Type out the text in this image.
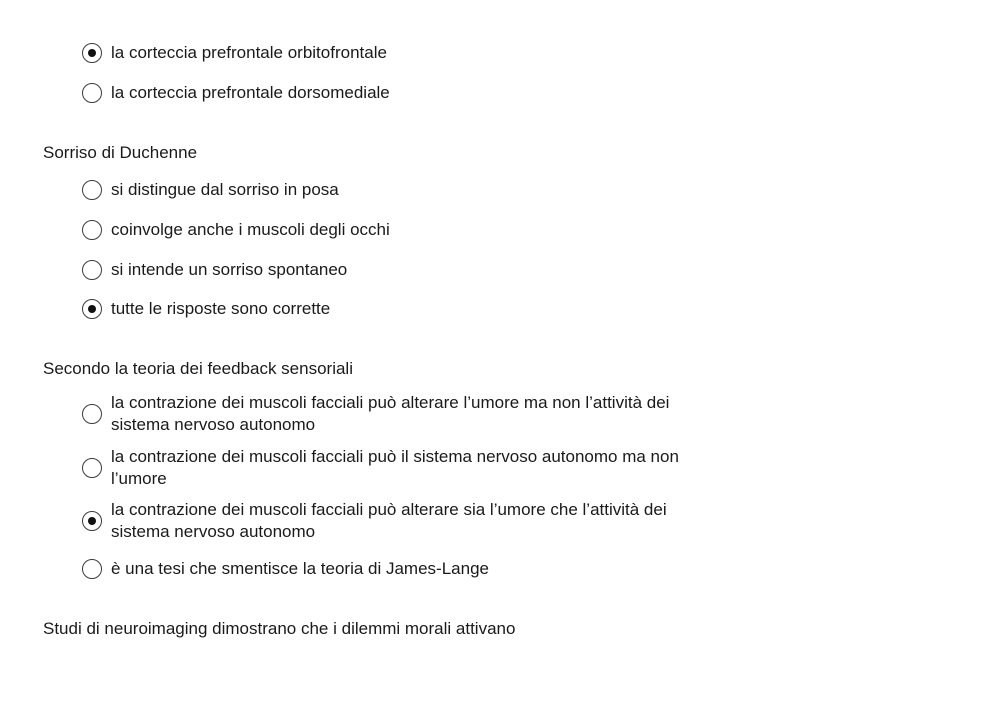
la corteccia prefrontale orbitofrontale
la corteccia prefrontale dorsomediale
Sorriso di Duchenne
si distingue dal sorriso in posa
coinvolge anche i muscoli degli occhi
si intende un sorriso spontaneo
tutte le risposte sono corrette
Secondo la teoria dei feedback sensoriali
la contrazione dei muscoli facciali può alterare l’umore ma non l’attività dei sistema nervoso autonomo
la contrazione dei muscoli facciali può il sistema nervoso autonomo ma non l’umore
la contrazione dei muscoli facciali può alterare sia l’umore che l’attività dei sistema nervoso autonomo
è una tesi che smentisce la teoria di James-Lange
Studi di neuroimaging dimostrano che i dilemmi morali attivano
